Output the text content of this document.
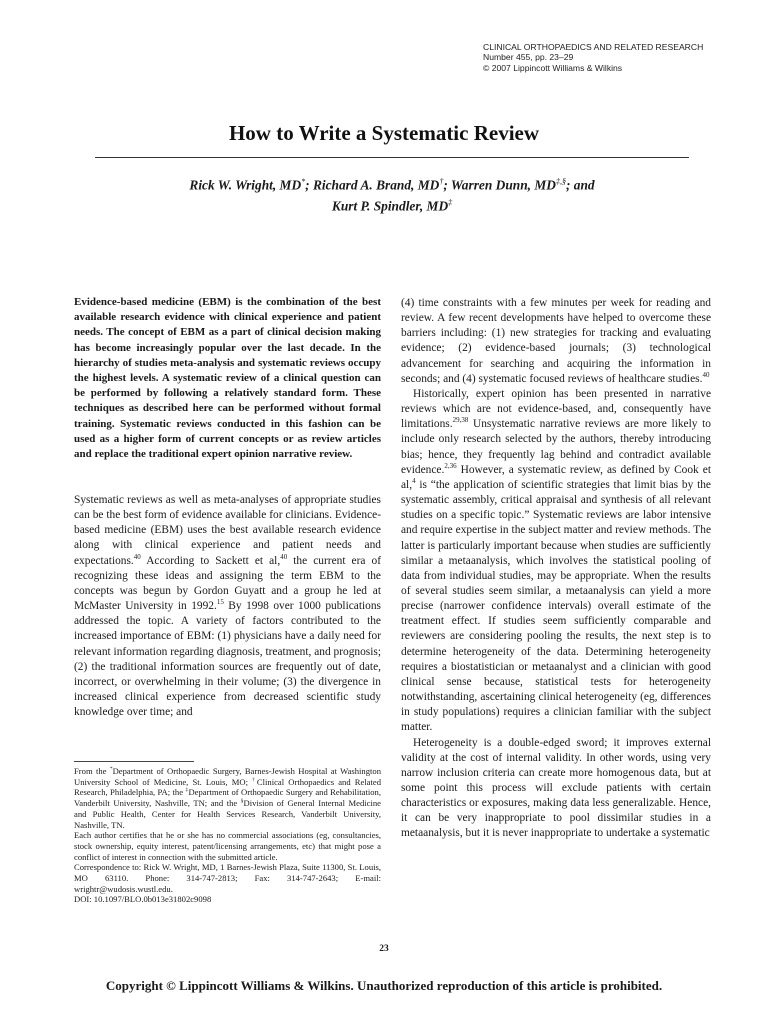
CLINICAL ORTHOPAEDICS AND RELATED RESEARCH
Number 455, pp. 23–29
© 2007 Lippincott Williams & Wilkins
How to Write a Systematic Review
Rick W. Wright, MD*; Richard A. Brand, MD†; Warren Dunn, MD‡,§; and
Kurt P. Spindler, MD‡
Evidence-based medicine (EBM) is the combination of the best available research evidence with clinical experience and patient needs. The concept of EBM as a part of clinical decision making has become increasingly popular over the last decade. In the hierarchy of studies meta-analysis and systematic reviews occupy the highest levels. A systematic review of a clinical question can be performed by following a relatively standard form. These techniques as described here can be performed without formal training. Systematic reviews conducted in this fashion can be used as a higher form of current concepts or as review articles and replace the traditional expert opinion narrative review.

Systematic reviews as well as meta-analyses of appropriate studies can be the best form of evidence available for clinicians. Evidence-based medicine (EBM) uses the best available research evidence along with clinical experience and patient needs and expectations.$^{40}$ According to Sackett et al,$^{40}$ the current era of recognizing these ideas and assigning the term EBM to the concepts was begun by Gordon Guyatt and a group he led at McMaster University in 1992.15 By 1998 over 1000 publications addressed the topic. A variety of factors contributed to the increased importance of EBM: (1) physicians have a daily need for relevant information regarding diagnosis, treatment, and prognosis; (2) the traditional information sources are frequently out of date, incorrect, or overwhelming in their volume; (3) the divergence in increased clinical experience from decreased scientific study knowledge over time; and

From the *Department of Orthopaedic Surgery, Barnes-Jewish Hospital at Washington University School of Medicine, St. Louis, MO; †Clinical Orthopaedics and Related Research, Philadelphia, PA; the ‡Department of Orthopaedic Surgery and Rehabilitation, Vanderbilt University, Nashville, TN; and the §Division of General Internal Medicine and Public Health, Center for Health Services Research, Vanderbilt University, Nashville, TN.

Each author certifies that he or she has no commercial associations (eg, consultancies, stock ownership, equity interest, patent/licensing arrangements, etc) that might pose a conflict of interest in connection with the submitted article.

Correspondence to: Rick W. Wright, MD, 1 Barnes-Jewish Plaza, Suite 11300, St. Louis, MO 63110. Phone: 314-747-2813; Fax: 314-747-2643; E-mail: wrightr@wudosis.wustl.edu.

DOI: 10.1097/BLO.0b013e31802c9098

(4) time constraints with a few minutes per week for reading and review. A few recent developments have helped to overcome these barriers including: (1) new strategies for tracking and evaluating evidence; (2) evidence-based journals; (3) technological advancement for searching and acquiring the information in seconds; and (4) systematic focused reviews of healthcare studies.$^{40}$

Historically, expert opinion has been presented in narrative reviews which are not evidence-based, and, consequently have limitations.$^{29,38}$ Unsystematic narrative reviews are more likely to include only research selected by the authors, thereby introducing bias; hence, they frequently lag behind and contradict available evidence.$^{2,36}$ However, a systematic review, as defined by Cook et al,$^4$ is “the application of scientific strategies that limit bias by the systematic assembly, critical appraisal and synthesis of all relevant studies on a specific topic.” Systematic reviews are labor intensive and require expertise in the subject matter and review methods. The latter is particularly important because when studies are sufficiently similar a metaanalysis, which involves the statistical pooling of data from individual studies, may be appropriate. When the results of several studies seem similar, a metaanalysis can yield a more precise (narrower confidence intervals) overall estimate of the treatment effect. If studies seem sufficiently comparable and reviewers are considering pooling the results, the next step is to determine heterogeneity of the data. Determining heterogeneity requires a biostatistician or metaanalyst and a clinician with good clinical sense because, statistical tests for heterogeneity notwithstanding, ascertaining clinical heterogeneity (eg, differences in study populations) requires a clinician familiar with the subject matter.

Heterogeneity is a double-edged sword; it improves external validity at the cost of internal validity. In other words, using very narrow inclusion criteria can create more homogenous data, but at some point this process will exclude patients with certain characteristics or exposures, making data less generalizable. Hence, it can be very inappropriate to pool dissimilar studies in a metaanalysis, but it is never inappropriate to undertake a systematic

23
Copyright © Lippincott Williams & Wilkins. Unauthorized reproduction of this article is prohibited.
